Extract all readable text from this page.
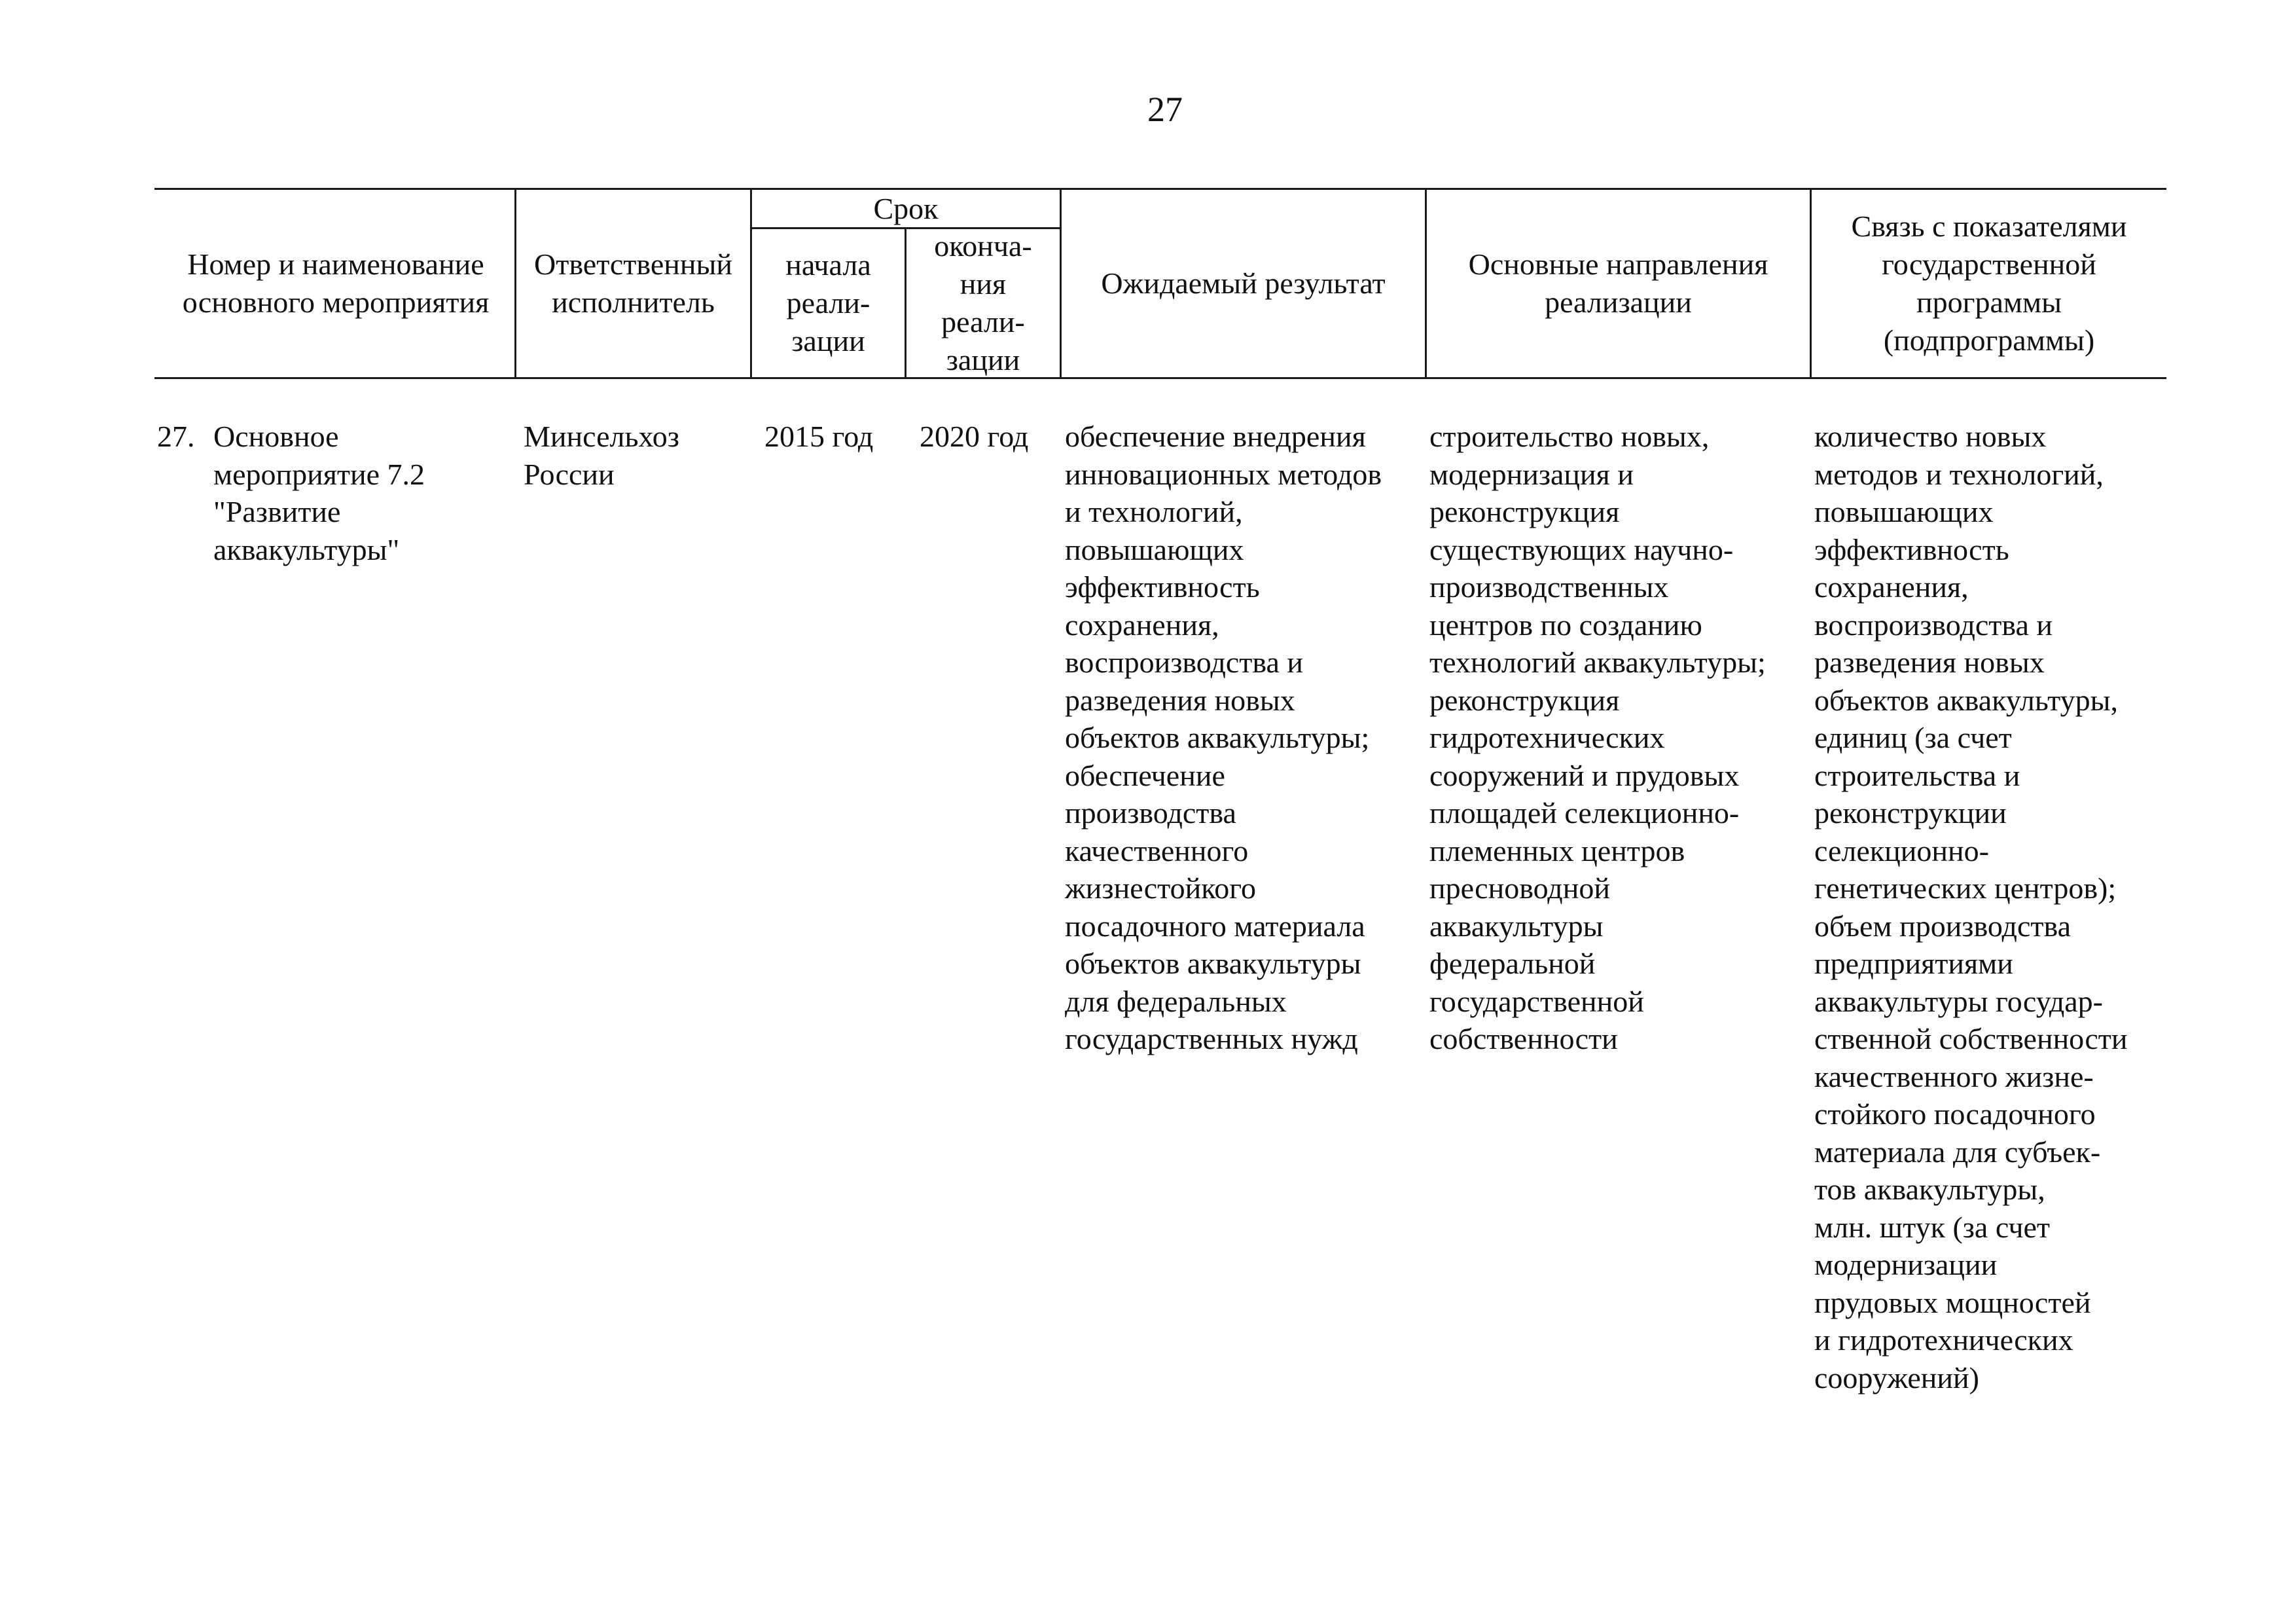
27
Номер и наименование
основного мероприятия
Ответственный
исполнитель
Срок
начала
реали-
зации
оконча-
ния
реали-
зации
Ожидаемый результат
Основные направления
реализации
Связь с показателями
государственной
программы
(подпрограммы)
27. Основное
мероприятие 7.2
"Развитие
аквакультуры"
Минсельхоз
России
2015 год	2020 год	обеспечение внедрения
инновационных методов
и технологий,
повышающих
эффективность
сохранения,
воспроизводства и
разведения новых
объектов аквакультуры;
обеспечение
производства
качественного
жизнестойкого
посадочного материала
объектов аквакультуры
для федеральных
государственных нужд
строительство новых,
модернизация и
реконструкция
существующих научно-
производственных
центров по созданию
технологий аквакультуры;
реконструкция
гидротехнических
сооружений и прудовых
площадей селекционно-
племенных центров
пресноводной
аквакультуры
федеральной
государственной
собственности
количество новых
методов и технологий,
повышающих
эффективность
сохранения,
воспроизводства и
разведения новых
объектов аквакультуры,
единиц (за счет
строительства и
реконструкции
селекционно-
генетических центров);
объем производства
предприятиями
аквакультуры государ-
ственной собственности
качественного жизне-
стойкого посадочного
материала для субъек-
тов аквакультуры,
млн. штук (за счет
модернизации
прудовых мощностей
и гидротехнических
сооружений)
